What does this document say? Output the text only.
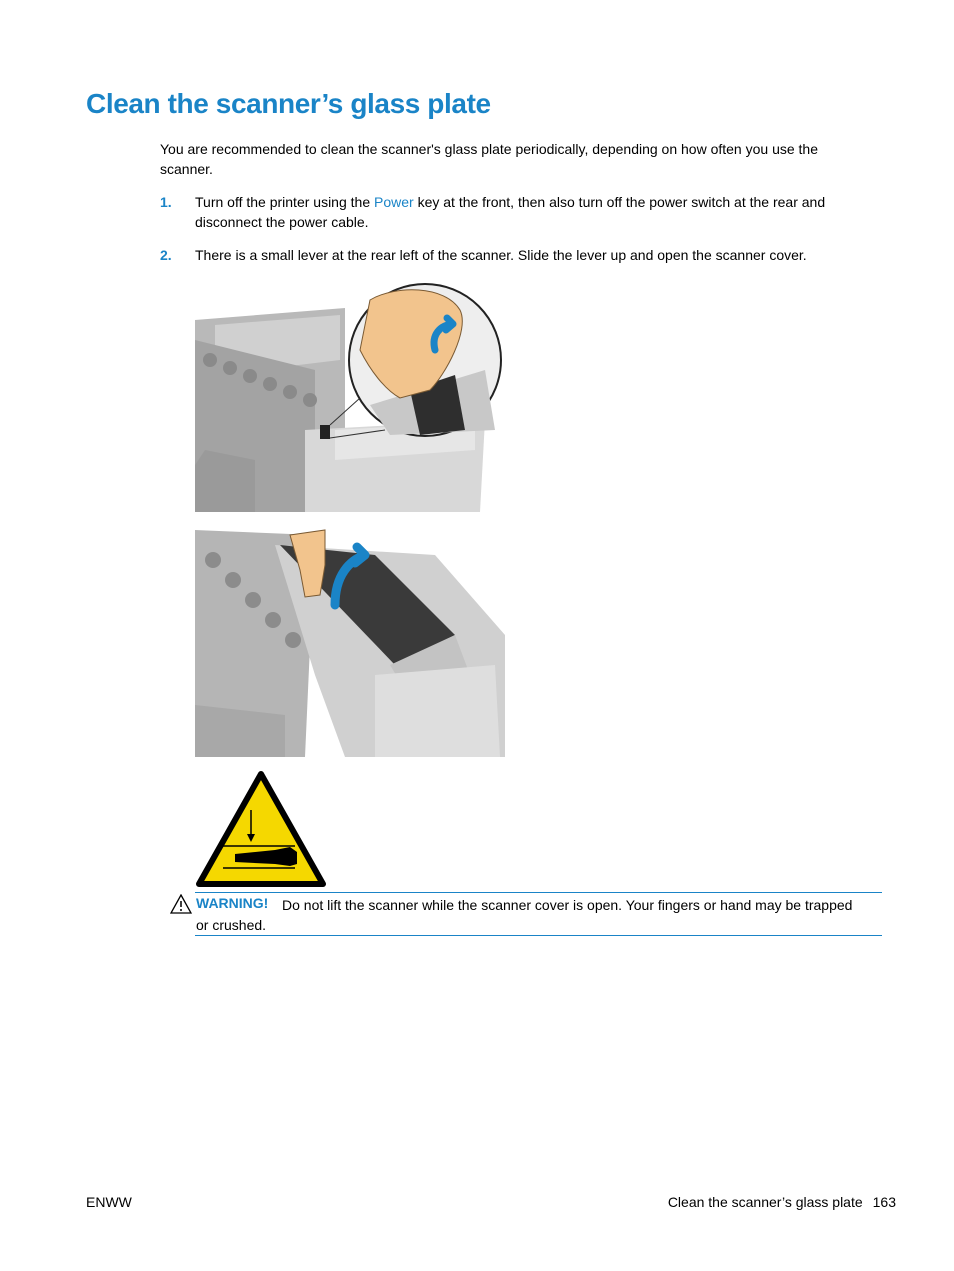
Clean the scanner’s glass plate
You are recommended to clean the scanner's glass plate periodically, depending on how often you use the scanner.
1. Turn off the printer using the Power key at the front, then also turn off the power switch at the rear and disconnect the power cable.
2. There is a small lever at the rear left of the scanner. Slide the lever up and open the scanner cover.
WARNING! Do not lift the scanner while the scanner cover is open. Your fingers or hand may be trapped or crushed.
ENWW	Clean the scanner’s glass plate 163
